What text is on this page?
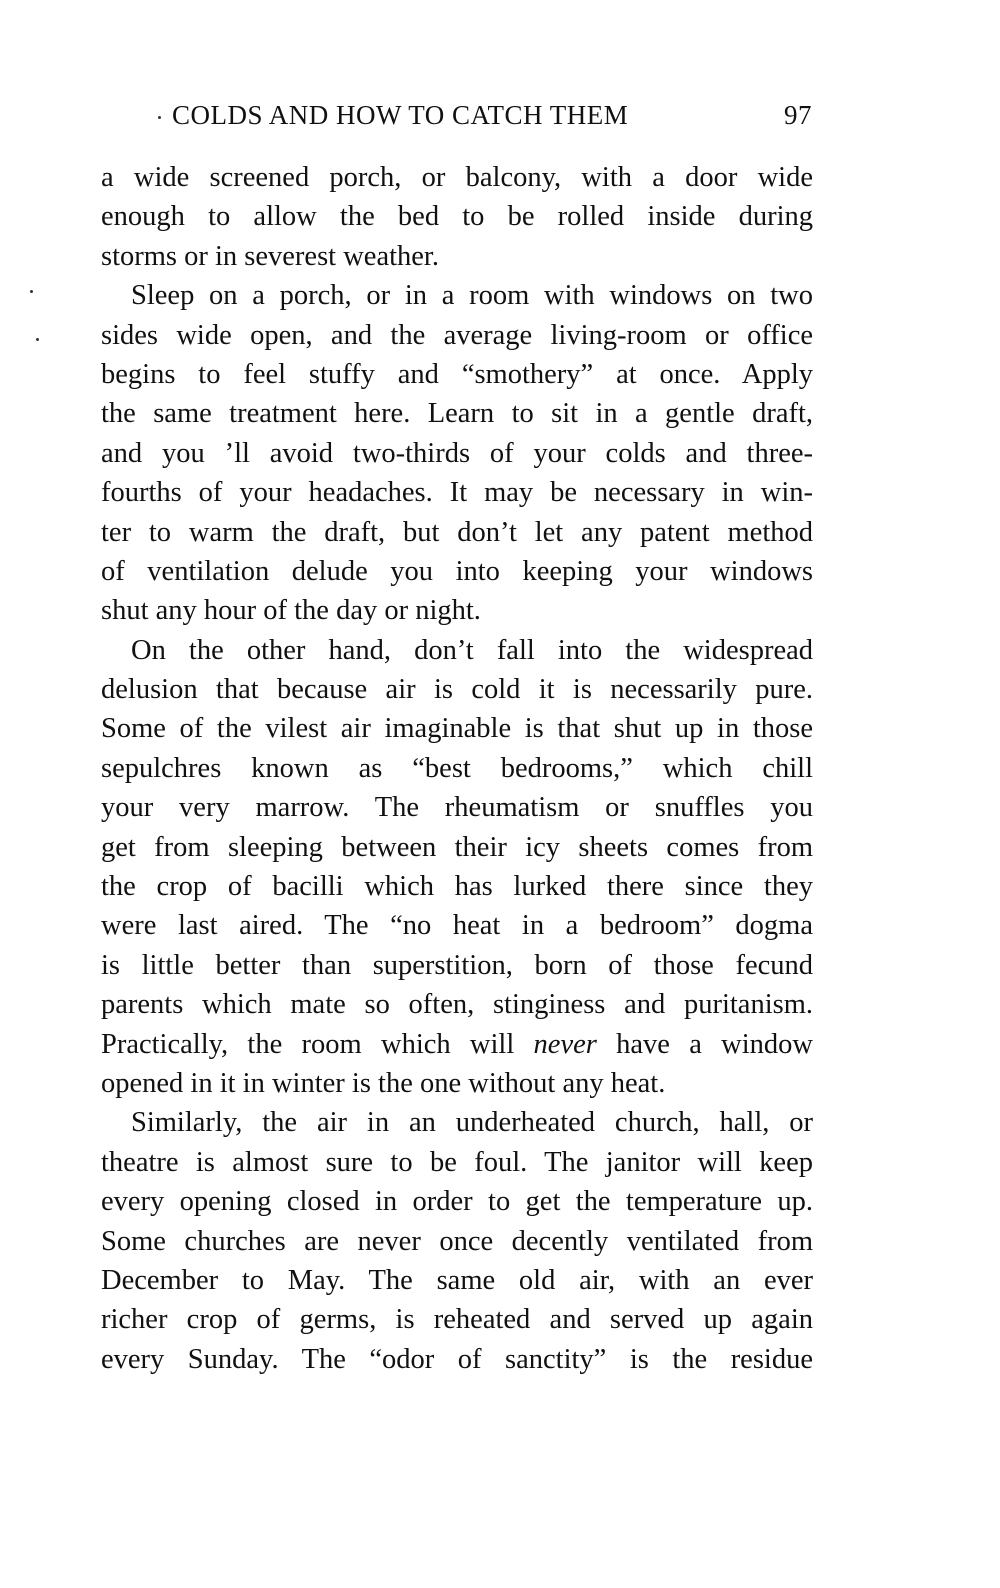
COLDS AND HOW TO CATCH THEM	97
a wide screened porch, or balcony, with a door wide
enough to allow the bed to be rolled inside during
storms or in severest weather.
Sleep on a porch, or in a room with windows on two
sides wide open, and the average living-room or office
begins to feel stuffy and “smothery” at once. Apply
the same treatment here. Learn to sit in a gentle draft,
and you ’ll avoid two-thirds of your colds and three-
fourths of your headaches. It may be necessary in win-
ter to warm the draft, but don’t let any patent method
of ventilation delude you into keeping your windows
shut any hour of the day or night.
On the other hand, don’t fall into the widespread
delusion that because air is cold it is necessarily pure.
Some of the vilest air imaginable is that shut up in those
sepulchres known as “best bedrooms,” which chill
your very marrow. The rheumatism or snuffles you
get from sleeping between their icy sheets comes from
the crop of bacilli which has lurked there since they
were last aired. The “no heat in a bedroom” dogma
is little better than superstition, born of those fecund
parents which mate so often, stinginess and puritanism.
Practically, the room which will never have a window
opened in it in winter is the one without any heat.
Similarly, the air in an underheated church, hall, or
theatre is almost sure to be foul. The janitor will keep
every opening closed in order to get the temperature up.
Some churches are never once decently ventilated from
December to May. The same old air, with an ever
richer crop of germs, is reheated and served up again
every Sunday. The “odor of sanctity” is the residue
